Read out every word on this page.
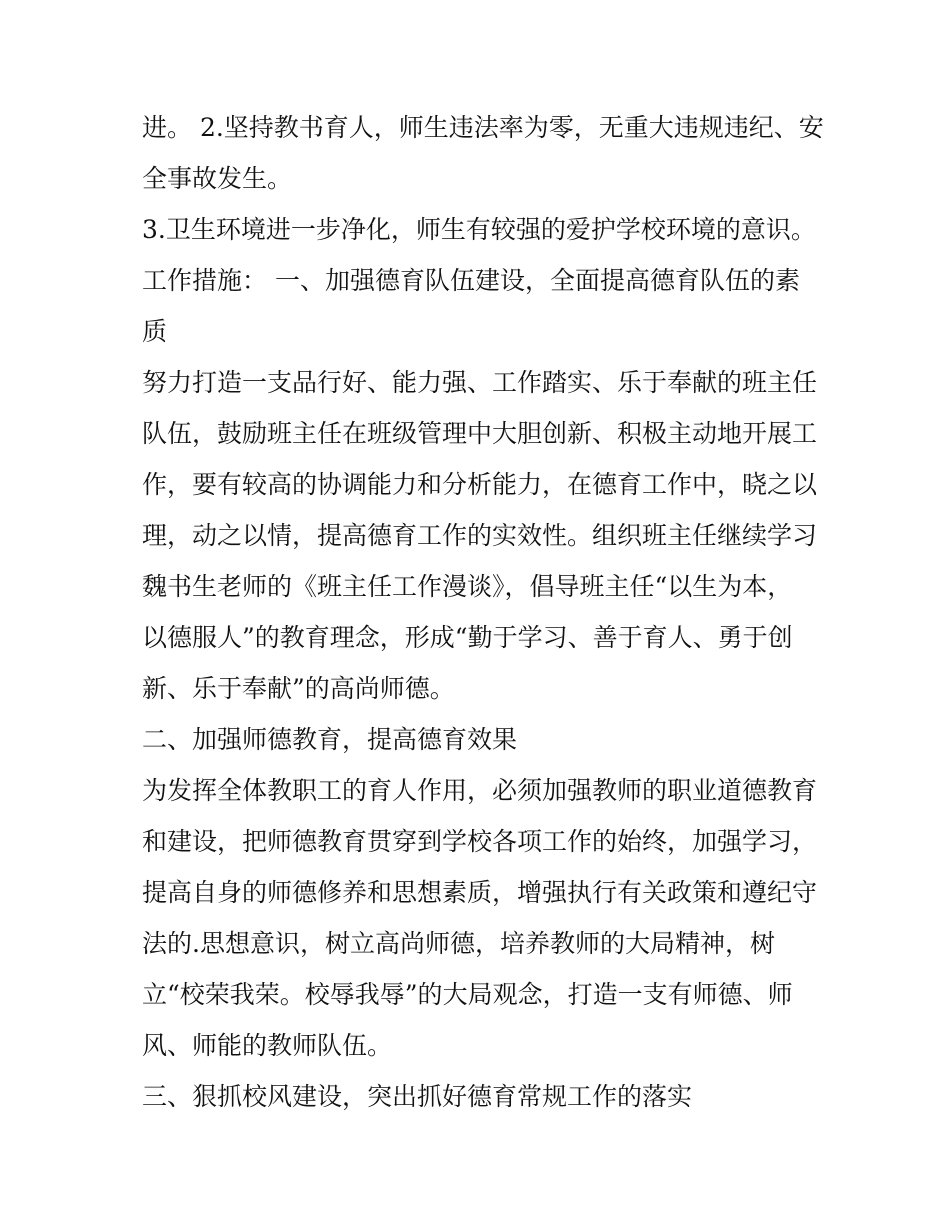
进。 2.坚持教书育人，师生违法率为零，无重大违规违纪、安
全事故发生。
3.卫生环境进一步净化，师生有较强的爱护学校环境的意识。
工作措施： 一、加强德育队伍建设，全面提高德育队伍的素
质
努力打造一支品行好、能力强、工作踏实、乐于奉献的班主任
队伍，鼓励班主任在班级管理中大胆创新、积极主动地开展工
作，要有较高的协调能力和分析能力，在德育工作中，晓之以
理，动之以情，提高德育工作的实效性。组织班主任继续学习
魏书生老师的《班主任工作漫谈》，倡导班主任“以生为本，
以德服人”的教育理念，形成“勤于学习、善于育人、勇于创
新、乐于奉献”的高尚师德。
二、加强师德教育，提高德育效果
为发挥全体教职工的育人作用，必须加强教师的职业道德教育
和建设，把师德教育贯穿到学校各项工作的始终，加强学习，
提高自身的师德修养和思想素质，增强执行有关政策和遵纪守
法的.思想意识，树立高尚师德，培养教师的大局精神，树
立“校荣我荣。校辱我辱”的大局观念，打造一支有师德、师
风、师能的教师队伍。
三、狠抓校风建设，突出抓好德育常规工作的落实
